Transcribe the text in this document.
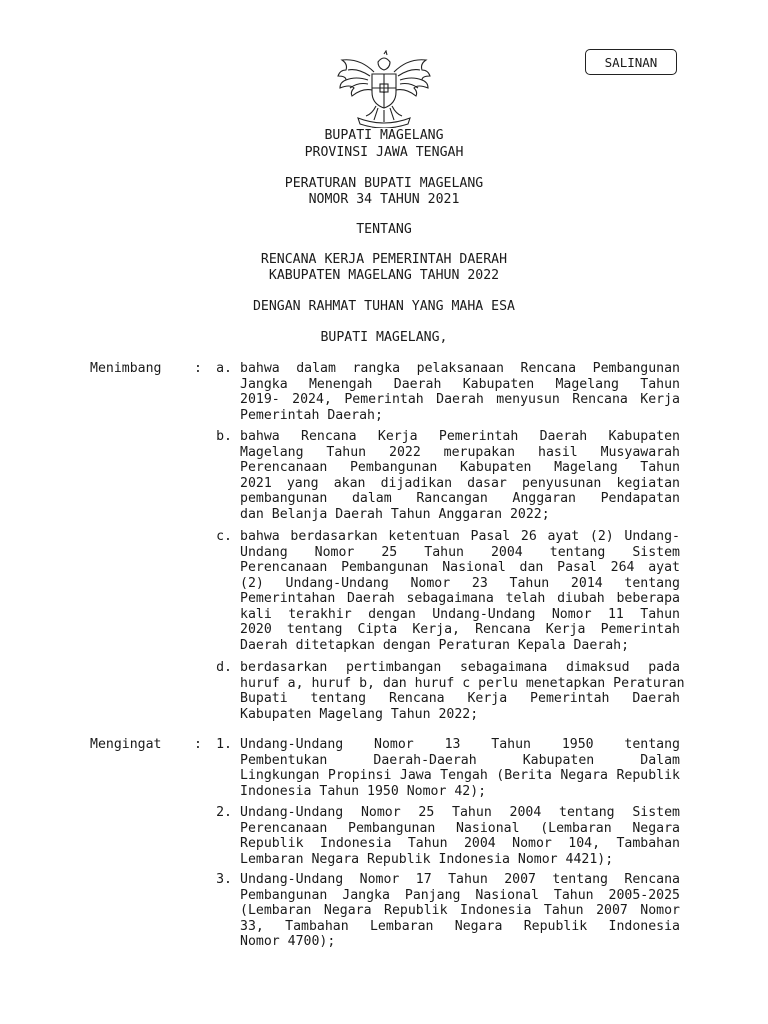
SALINAN
BUPATI MAGELANG
PROVINSI JAWA TENGAH
PERATURAN BUPATI MAGELANG
NOMOR 34 TAHUN 2021
TENTANG
RENCANA KERJA PEMERINTAH DAERAH
KABUPATEN MAGELANG TAHUN 2022
DENGAN RAHMAT TUHAN YANG MAHA ESA
BUPATI MAGELANG,
Menimbang :	a. bahwa dalam rangka pelaksanaan Rencana Pembangunan
Jangka Menengah Daerah Kabupaten Magelang Tahun
2019- 2024, Pemerintah Daerah menyusun Rencana Kerja
Pemerintah Daerah;
b. bahwa Rencana Kerja Pemerintah Daerah Kabupaten
Magelang Tahun 2022 merupakan hasil Musyawarah
Perencanaan Pembangunan Kabupaten Magelang Tahun
2021 yang akan dijadikan dasar penyusunan kegiatan
pembangunan dalam Rancangan Anggaran Pendapatan
dan Belanja Daerah Tahun Anggaran 2022;
c. bahwa berdasarkan ketentuan Pasal 26 ayat (2) Undang-
Undang Nomor 25 Tahun 2004 tentang Sistem
Perencanaan Pembangunan Nasional dan Pasal 264 ayat
(2) Undang-Undang Nomor 23 Tahun 2014 tentang
Pemerintahan Daerah sebagaimana telah diubah beberapa
kali terakhir dengan Undang-Undang Nomor 11 Tahun
2020 tentang Cipta Kerja, Rencana Kerja Pemerintah
Daerah ditetapkan dengan Peraturan Kepala Daerah;
d. berdasarkan pertimbangan sebagaimana dimaksud pada
huruf a, huruf b, dan huruf c perlu menetapkan Peraturan
Bupati tentang Rencana Kerja Pemerintah Daerah
Kabupaten Magelang Tahun 2022;
Mengingat :	1. Undang-Undang Nomor 13 Tahun 1950 tentang
Pembentukan Daerah-Daerah Kabupaten Dalam
Lingkungan Propinsi Jawa Tengah (Berita Negara Republik
Indonesia Tahun 1950 Nomor 42);
2. Undang-Undang Nomor 25 Tahun 2004 tentang Sistem
Perencanaan Pembangunan Nasional (Lembaran Negara
Republik Indonesia Tahun 2004 Nomor 104, Tambahan
Lembaran Negara Republik Indonesia Nomor 4421);
3. Undang-Undang Nomor 17 Tahun 2007 tentang Rencana
Pembangunan Jangka Panjang Nasional Tahun 2005-2025
(Lembaran Negara Republik Indonesia Tahun 2007 Nomor
33, Tambahan Lembaran Negara Republik Indonesia
Nomor 4700);
